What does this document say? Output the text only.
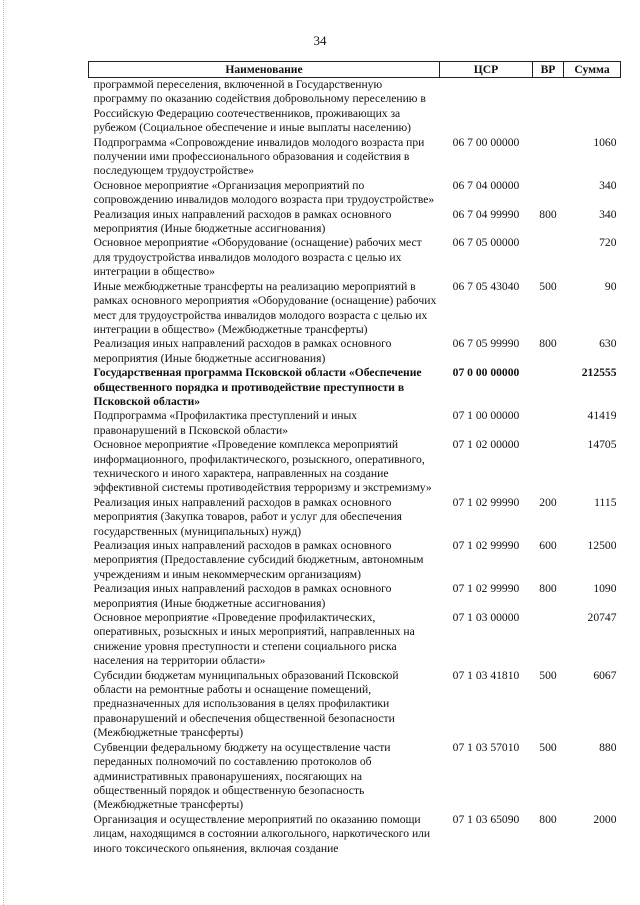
34
Наименование	ЦСР	ВР	Сумма
программой переселения, включенной в Государственную программу по оказанию содействия добровольному переселению в Российскую Федерацию соотечественников, проживающих за рубежом (Социальное обеспечение и иные выплаты населению)			
Подпрограмма «Сопровождение инвалидов молодого возраста при получении ими профессионального образования и содействия в последующем трудоустройстве»	06 7 00 00000		1060
Основное мероприятие «Организация мероприятий по сопровождению инвалидов молодого возраста при трудоустройстве»	06 7 04 00000		340
Реализация иных направлений расходов в рамках основного мероприятия (Иные бюджетные ассигнования)	06 7 04 99990	800	340
Основное мероприятие «Оборудование (оснащение) рабочих мест для трудоустройства инвалидов молодого возраста с целью их интеграции в общество»	06 7 05 00000		720
Иные межбюджетные трансферты на реализацию мероприятий в рамках основного мероприятия «Оборудование (оснащение) рабочих мест для трудоустройства инвалидов молодого возраста с целью их интеграции в общество» (Межбюджетные трансферты)	06 7 05 43040	500	90
Реализация иных направлений расходов в рамках основного мероприятия (Иные бюджетные ассигнования)	06 7 05 99990	800	630
Государственная программа Псковской области «Обеспечение общественного порядка и противодействие преступности в Псковской области»	07 0 00 00000		212555
Подпрограмма «Профилактика преступлений и иных правонарушений в Псковской области»	07 1 00 00000		41419
Основное мероприятие «Проведение комплекса мероприятий информационного, профилактического, розыскного, оперативного, технического и иного характера, направленных на создание эффективной системы противодействия терроризму и экстремизму»	07 1 02 00000		14705
Реализация иных направлений расходов в рамках основного мероприятия (Закупка товаров, работ и услуг для обеспечения государственных (муниципальных) нужд)	07 1 02 99990	200	1115
Реализация иных направлений расходов в рамках основного мероприятия (Предоставление субсидий бюджетным, автономным учреждениям и иным некоммерческим организациям)	07 1 02 99990	600	12500
Реализация иных направлений расходов в рамках основного мероприятия (Иные бюджетные ассигнования)	07 1 02 99990	800	1090
Основное мероприятие «Проведение профилактических, оперативных, розыскных и иных мероприятий, направленных на снижение уровня преступности и степени социального риска населения на территории области»	07 1 03 00000		20747
Субсидии бюджетам муниципальных образований Псковской области на ремонтные работы и оснащение помещений, предназначенных для использования в целях профилактики правонарушений и обеспечения общественной безопасности (Межбюджетные трансферты)	07 1 03 41810	500	6067
Субвенции федеральному бюджету на осуществление части переданных полномочий по составлению протоколов об административных правонарушениях, посягающих на общественный порядок и общественную безопасность (Межбюджетные трансферты)	07 1 03 57010	500	880
Организация и осуществление мероприятий по оказанию помощи лицам, находящимся в состоянии алкогольного, наркотического или иного токсического опьянения, включая создание	07 1 03 65090	800	2000
